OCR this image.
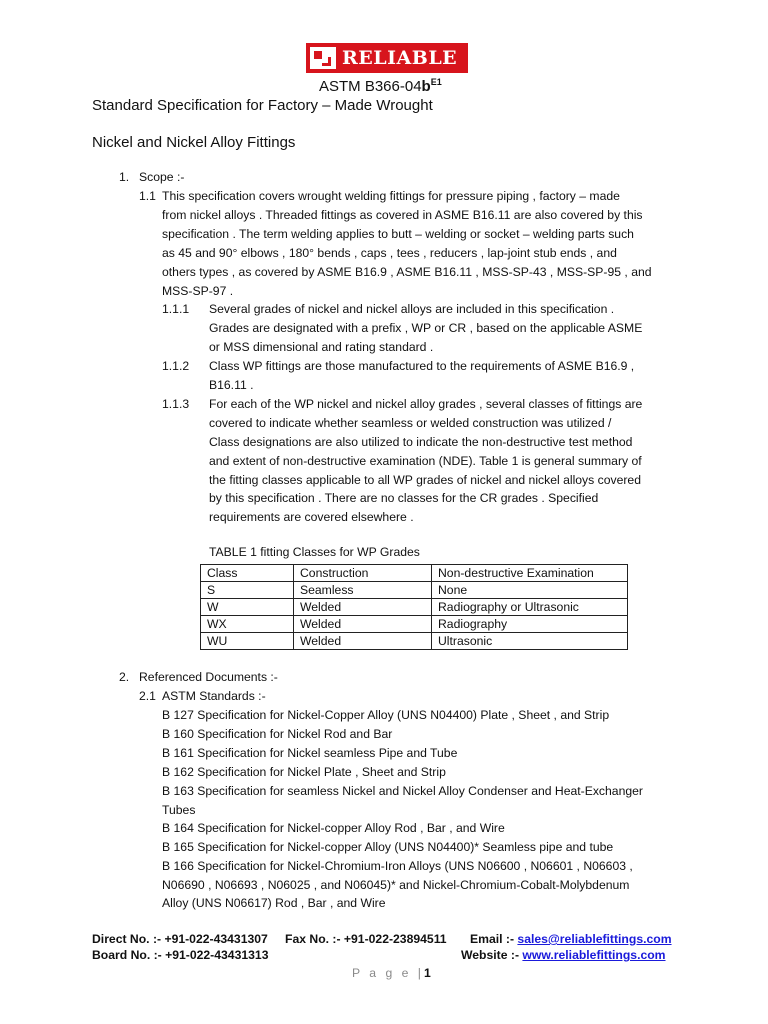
RELIABLE
ASTM $B366-04b^{E1}$
Standard Specification for Factory – Made Wrought
Nickel and Nickel Alloy Fittings
1. Scope :-
1.1 This specification covers wrought welding fittings for pressure piping , factory – made
from nickel alloys . Threaded fittings as covered in ASME B16.11 are also covered by this
specification . The term welding applies to butt – welding or socket – welding parts such
as 45 and 90° elbows , 180° bends , caps , tees , reducers , lap-joint stub ends , and
others types , as covered by ASME B16.9 , ASME B16.11 , MSS-SP-43 , MSS-SP-95 , and
MSS-SP-97 .
1.1.1 Several grades of nickel and nickel alloys are included in this specification .
Grades are designated with a prefix , WP or CR , based on the applicable ASME
or MSS dimensional and rating standard .
1.1.2 Class WP fittings are those manufactured to the requirements of ASME B16.9 ,
B16.11 .
1.1.3 For each of the WP nickel and nickel alloy grades , several classes of fittings are
covered to indicate whether seamless or welded construction was utilized /
Class designations are also utilized to indicate the non-destructive test method
and extent of non-destructive examination (NDE). Table 1 is general summary of
the fitting classes applicable to all WP grades of nickel and nickel alloys covered
by this specification . There are no classes for the CR grades . Specified
requirements are covered elsewhere .
TABLE 1 fitting Classes for WP Grades
Class	Construction	Non-destructive Examination
S	Seamless	None
W	Welded	Radiography or Ultrasonic
WX	Welded	Radiography
WU	Welded	Ultrasonic
2. Referenced Documents :-
2.1 ASTM Standards :-
B 127 Specification for Nickel-Copper Alloy (UNS N04400) Plate , Sheet , and Strip
B 160 Specification for Nickel Rod and Bar
B 161 Specification for Nickel seamless Pipe and Tube
B 162 Specification for Nickel Plate , Sheet and Strip
B 163 Specification for seamless Nickel and Nickel Alloy Condenser and Heat-Exchanger
Tubes
B 164 Specification for Nickel-copper Alloy Rod , Bar , and Wire
B 165 Specification for Nickel-copper Alloy (UNS N04400)* Seamless pipe and tube
B 166 Specification for Nickel-Chromium-Iron Alloys (UNS N06600 , N06601 , N06603 ,
N06690 , N06693 , N06025 , and N06045)* and Nickel-Chromium-Cobalt-Molybdenum
Alloy (UNS N06617) Rod , Bar , and Wire
Direct No. :- +91-022-43431307 Fax No. :- +91-022-23894511 Email :- sales@reliablefittings.com
Board No. :- +91-022-43431313	Website :- www.reliablefittings.com
P a g e |1
